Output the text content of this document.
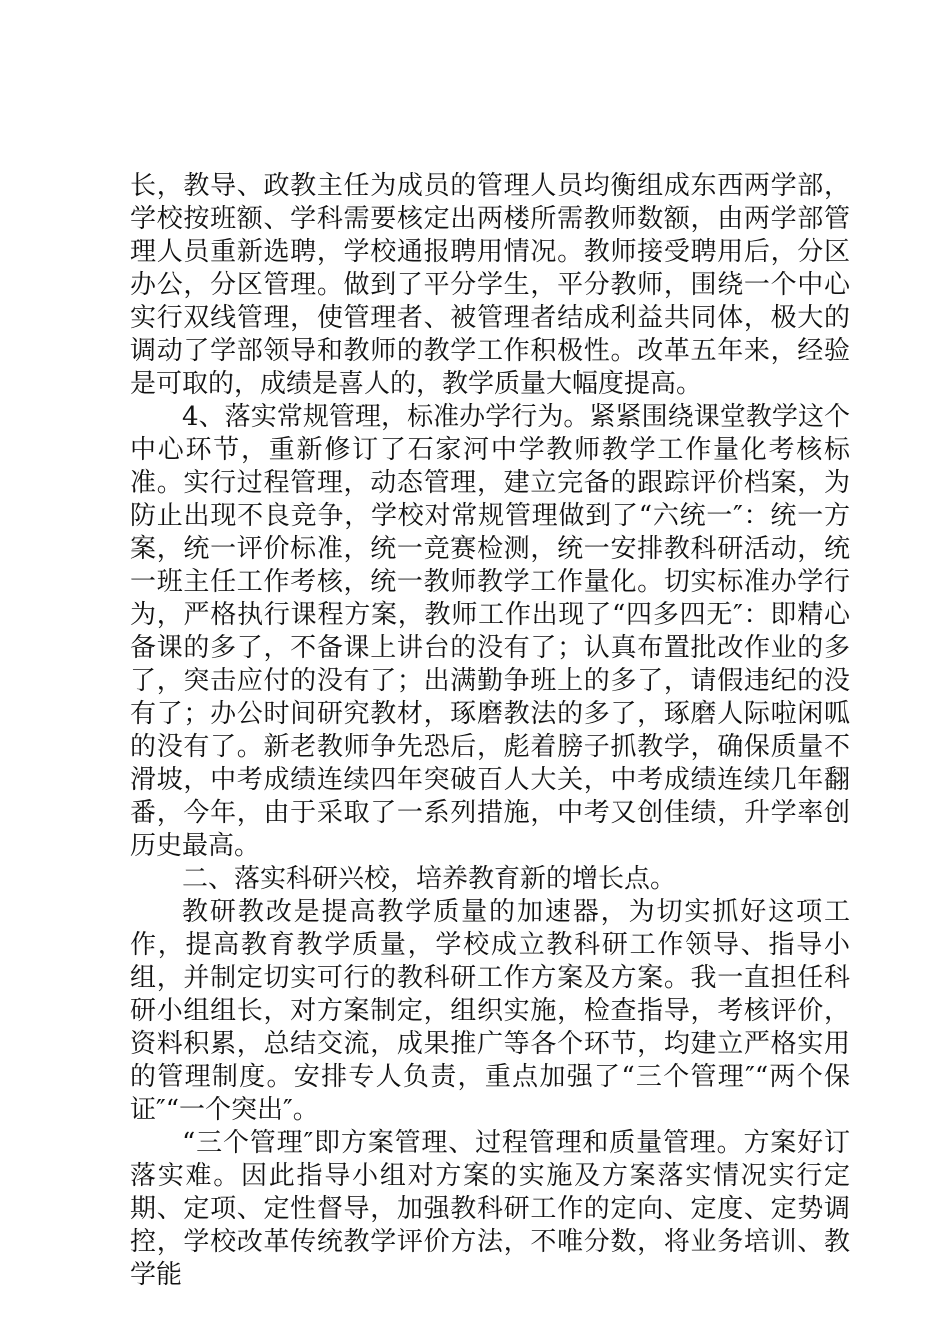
长，教导、政教主任为成员的管理人员均衡组成东西两学部，学校按班额、学科需要核定出两楼所需教师数额，由两学部管理人员重新选聘，学校通报聘用情况。教师接受聘用后，分区办公，分区管理。做到了平分学生，平分教师，围绕一个中心实行双线管理，使管理者、被管理者结成利益共同体，极大的调动了学部领导和教师的教学工作积极性。改革五年来，经验是可取的，成绩是喜人的，教学质量大幅度提高。

4、落实常规管理，标准办学行为。紧紧围绕课堂教学这个中心环节，重新修订了石家河中学教师教学工作量化考核标准。实行过程管理，动态管理，建立完备的跟踪评价档案，为防止出现不良竞争，学校对常规管理做到了“六统一″：统一方案，统一评价标准，统一竞赛检测，统一安排教科研活动，统一班主任工作考核，统一教师教学工作量化。切实标准办学行为，严格执行课程方案，教师工作出现了“四多四无″：即精心备课的多了，不备课上讲台的没有了；认真布置批改作业的多了，突击应付的没有了；出满勤争班上的多了，请假违纪的没有了；办公时间研究教材，琢磨教法的多了，琢磨人际啦闲呱的没有了。新老教师争先恐后，彪着膀子抓教学，确保质量不滑坡，中考成绩连续四年突破百人大关，中考成绩连续几年翻番，今年，由于采取了一系列措施，中考又创佳绩，升学率创历史最高。

二、落实科研兴校，培养教育新的增长点。

教研教改是提高教学质量的加速器，为切实抓好这项工作，提高教育教学质量，学校成立教科研工作领导、指导小组，并制定切实可行的教科研工作方案及方案。我一直担任科研小组组长，对方案制定，组织实施，检查指导，考核评价，资料积累，总结交流，成果推广等各个环节，均建立严格实用的管理制度。安排专人负责，重点加强了“三个管理″“两个保证″“一个突出″。

“三个管理″即方案管理、过程管理和质量管理。方案好订落实难。因此指导小组对方案的实施及方案落实情况实行定期、定项、定性督导，加强教科研工作的定向、定度、定势调控，学校改革传统教学评价方法，不唯分数，将业务培训、教学能
